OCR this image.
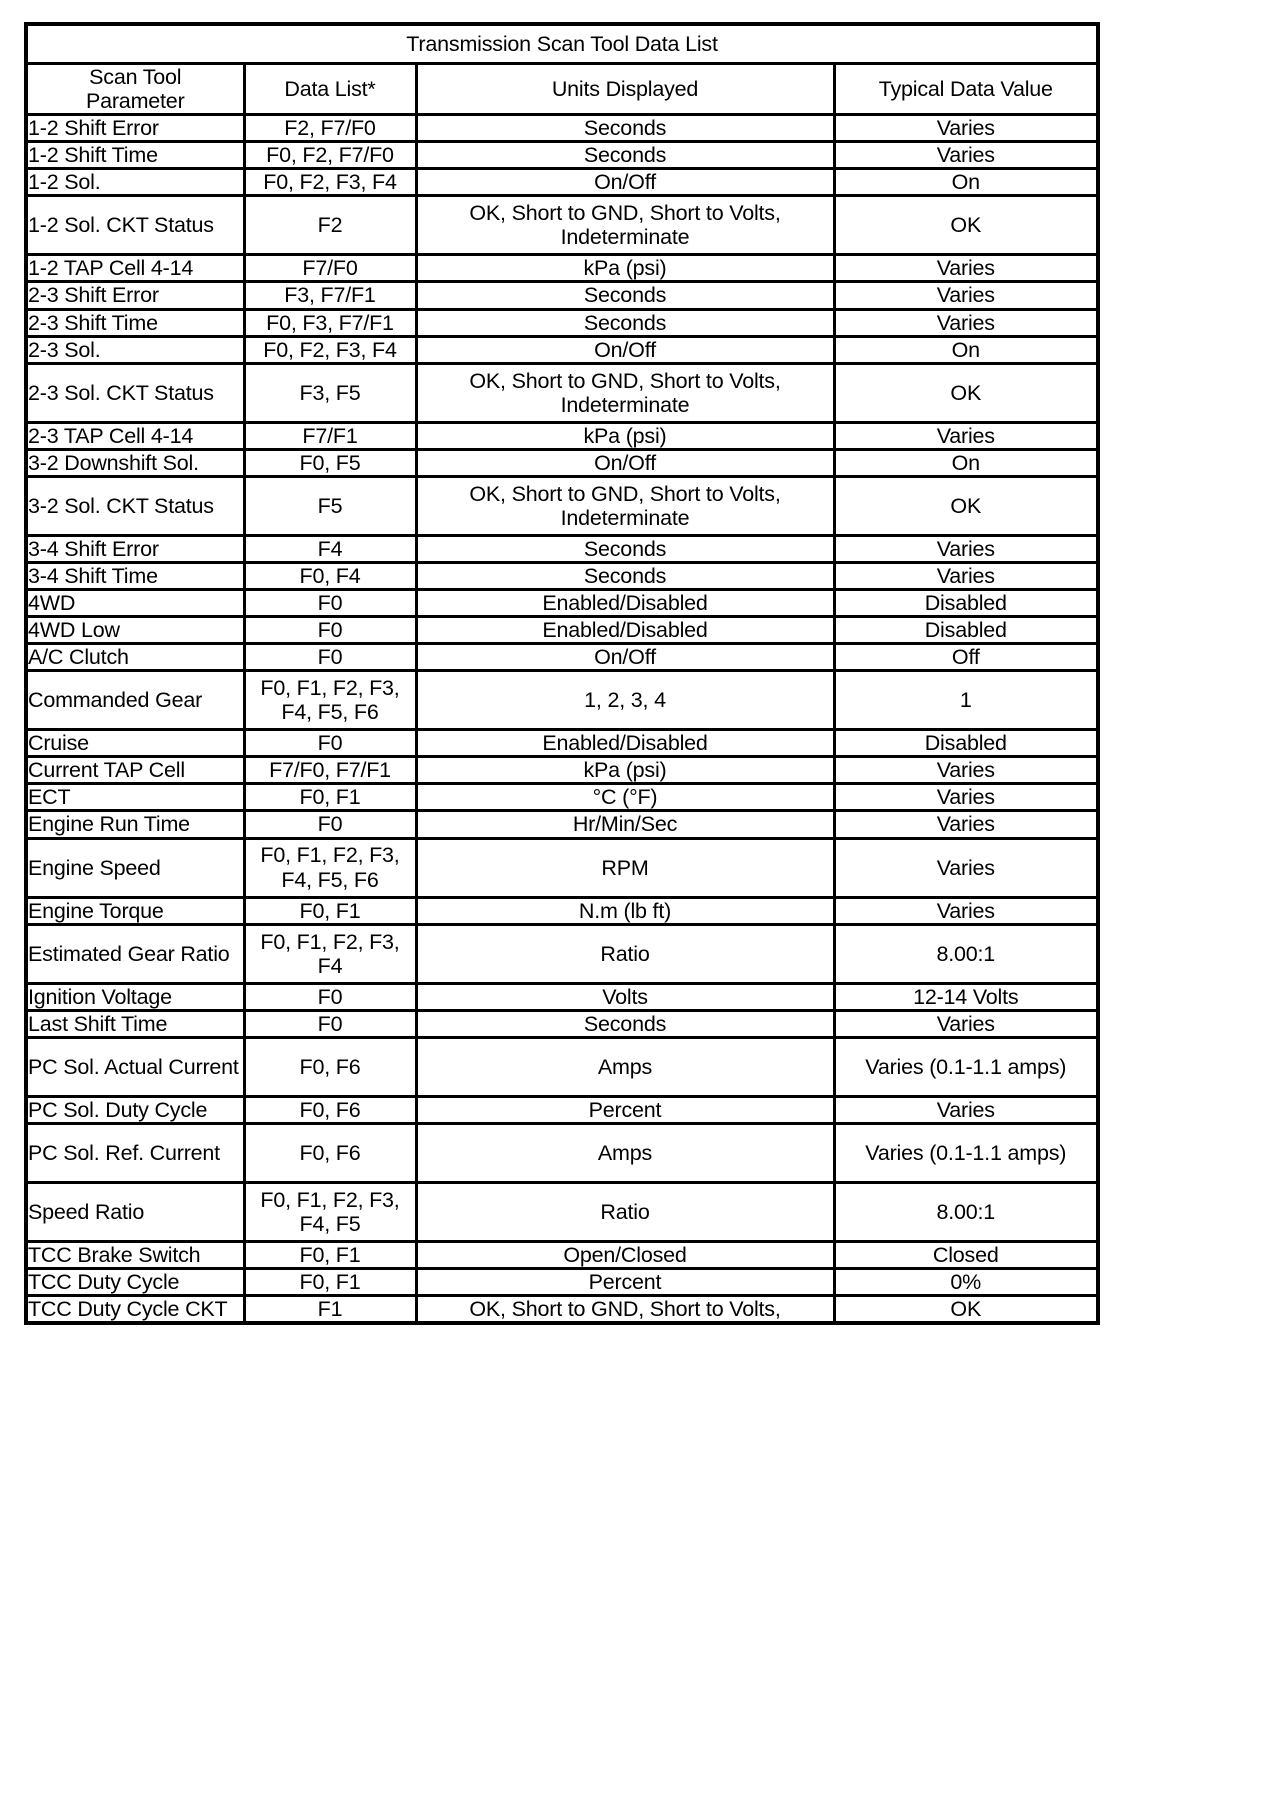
Transmission Scan Tool Data List			

Scan Tool
Parameter	Data List*	Units Displayed	Typical Data Value
1-2 Shift Error	F2, F7/F0	Seconds	Varies
1-2 Shift Time	F0, F2, F7/F0	Seconds	Varies
1-2 Sol.	F0, F2, F3, F4	On/Off	On
1-2 Sol. CKT Status	F2	OK, Short to GND, Short to Volts, Indeterminate	OK
1-2 TAP Cell 4-14	F7/F0	kPa (psi)	Varies
2-3 Shift Error	F3, F7/F1	Seconds	Varies
2-3 Shift Time	F0, F3, F7/F1	Seconds	Varies
2-3 Sol.	F0, F2, F3, F4	On/Off	On
2-3 Sol. CKT Status	F3, F5	OK, Short to GND, Short to Volts, Indeterminate	OK
2-3 TAP Cell 4-14	F7/F1	kPa (psi)	Varies
3-2 Downshift Sol.	F0, F5	On/Off	On
3-2 Sol. CKT Status	F5	OK, Short to GND, Short to Volts, Indeterminate	OK
3-4 Shift Error	F4	Seconds	Varies
3-4 Shift Time	F0, F4	Seconds	Varies
4WD	F0	Enabled/Disabled	Disabled
4WD Low	F0	Enabled/Disabled	Disabled
A/C Clutch	F0	On/Off	Off
Commanded Gear	F0, F1, F2, F3, F4, F5, F6	1, 2, 3, 4	1
Cruise	F0	Enabled/Disabled	Disabled
Current TAP Cell	F7/F0, F7/F1	kPa (psi)	Varies
ECT	F0, F1	°C (°F)	Varies
Engine Run Time	F0	Hr/Min/Sec	Varies
Engine Speed	F0, F1, F2, F3, F4, F5, F6	RPM	Varies
Engine Torque	F0, F1	N.m (lb ft)	Varies
Estimated Gear Ratio	F0, F1, F2, F3, F4	Ratio	8.00:1
Ignition Voltage	F0	Volts	12-14 Volts
Last Shift Time	F0	Seconds	Varies
PC Sol. Actual Current	F0, F6	Amps	Varies (0.1-1.1 amps)
PC Sol. Duty Cycle	F0, F6	Percent	Varies
PC Sol. Ref. Current	F0, F6	Amps	Varies (0.1-1.1 amps)
Speed Ratio	F0, F1, F2, F3, F4, F5	Ratio	8.00:1
TCC Brake Switch	F0, F1	Open/Closed	Closed
TCC Duty Cycle	F0, F1	Percent	0%
TCC Duty Cycle CKT	F1	OK, Short to GND, Short to Volts,	OK
